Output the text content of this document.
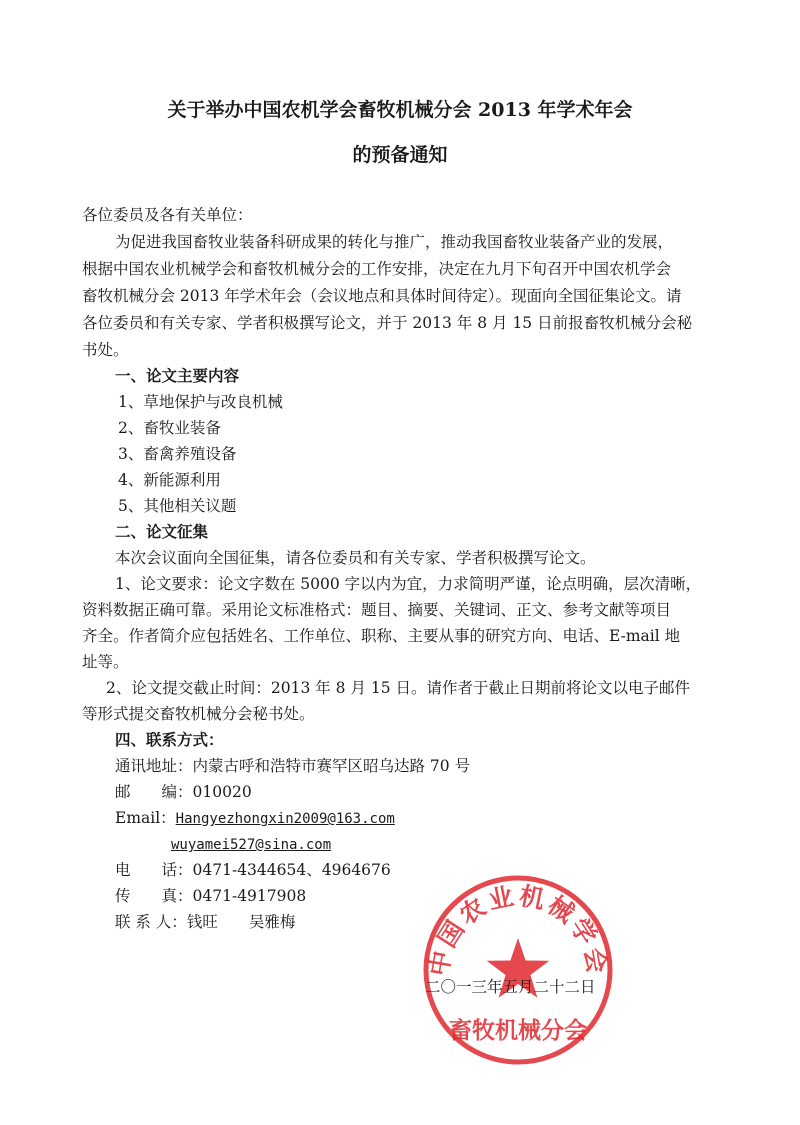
关于举办中国农机学会畜牧机械分会 2013 年学术年会
的预备通知
各位委员及各有关单位：
为促进我国畜牧业装备科研成果的转化与推广，推动我国畜牧业装备产业的发展，
根据中国农业机械学会和畜牧机械分会的工作安排，决定在九月下旬召开中国农机学会
畜牧机械分会 2013 年学术年会（会议地点和具体时间待定）。现面向全国征集论文。请
各位委员和有关专家、学者积极撰写论文，并于 2013 年 8 月 15 日前报畜牧机械分会秘
书处。
一、论文主要内容
1、草地保护与改良机械
2、畜牧业装备
3、畜禽养殖设备
4、新能源利用
5、其他相关议题
二、论文征集
本次会议面向全国征集，请各位委员和有关专家、学者积极撰写论文。
1、论文要求：论文字数在 5000 字以内为宜，力求简明严谨，论点明确，层次清晰，
资料数据正确可靠。采用论文标准格式：题目、摘要、关键词、正文、参考文献等项目
齐全。作者简介应包括姓名、工作单位、职称、主要从事的研究方向、电话、E-mail 地
址等。
2、论文提交截止时间：2013 年 8 月 15 日。请作者于截止日期前将论文以电子邮件
等形式提交畜牧机械分会秘书处。
四、联系方式：
通讯地址：内蒙古呼和浩特市赛罕区昭乌达路 70 号
邮　　编：010020
Email：Hangyezhongxin2009@163.com
wuyamei527@sina.com
电　　话：0471-4344654、4964676
传　　真：0471-4917908
联 系 人：钱旺　　吴雅梅
中国农业机械学会
畜牧机械分会
二〇一三年五月二十二日
